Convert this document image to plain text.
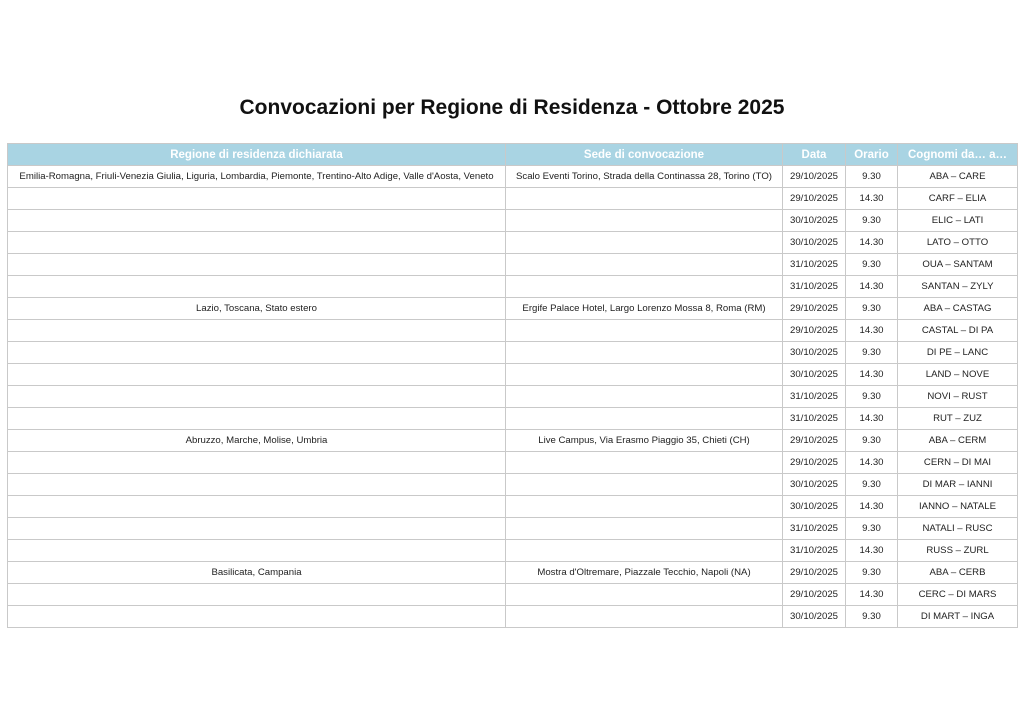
Convocazioni per Regione di Residenza - Ottobre 2025
Regione di residenza dichiarata	Sede di convocazione	Data	Orario	Cognomi da… a…
Emilia-Romagna, Friuli-Venezia Giulia, Liguria, Lombardia, Piemonte, Trentino-Alto Adige, Valle d'Aosta, Veneto	Scalo Eventi Torino, Strada della Continassa 28, Torino (TO)	29/10/2025	9.30	ABA – CARE
		29/10/2025	14.30	CARF – ELIA
		30/10/2025	9.30	ELIC – LATI
		30/10/2025	14.30	LATO – OTTO
		31/10/2025	9.30	OUA – SANTAM
		31/10/2025	14.30	SANTAN – ZYLY
Lazio, Toscana, Stato estero	Ergife Palace Hotel, Largo Lorenzo Mossa 8, Roma (RM)	29/10/2025	9.30	ABA – CASTAG
		29/10/2025	14.30	CASTAL – DI PA
		30/10/2025	9.30	DI PE – LANC
		30/10/2025	14.30	LAND – NOVE
		31/10/2025	9.30	NOVI – RUST
		31/10/2025	14.30	RUT – ZUZ
Abruzzo, Marche, Molise, Umbria	Live Campus, Via Erasmo Piaggio 35, Chieti (CH)	29/10/2025	9.30	ABA – CERM
		29/10/2025	14.30	CERN – DI MAI
		30/10/2025	9.30	DI MAR – IANNI
		30/10/2025	14.30	IANNO – NATALE
		31/10/2025	9.30	NATALI – RUSC
		31/10/2025	14.30	RUSS – ZURL
Basilicata, Campania	Mostra d'Oltremare, Piazzale Tecchio, Napoli (NA)	29/10/2025	9.30	ABA – CERB
		29/10/2025	14.30	CERC – DI MARS
		30/10/2025	9.30	DI MART – INGA
